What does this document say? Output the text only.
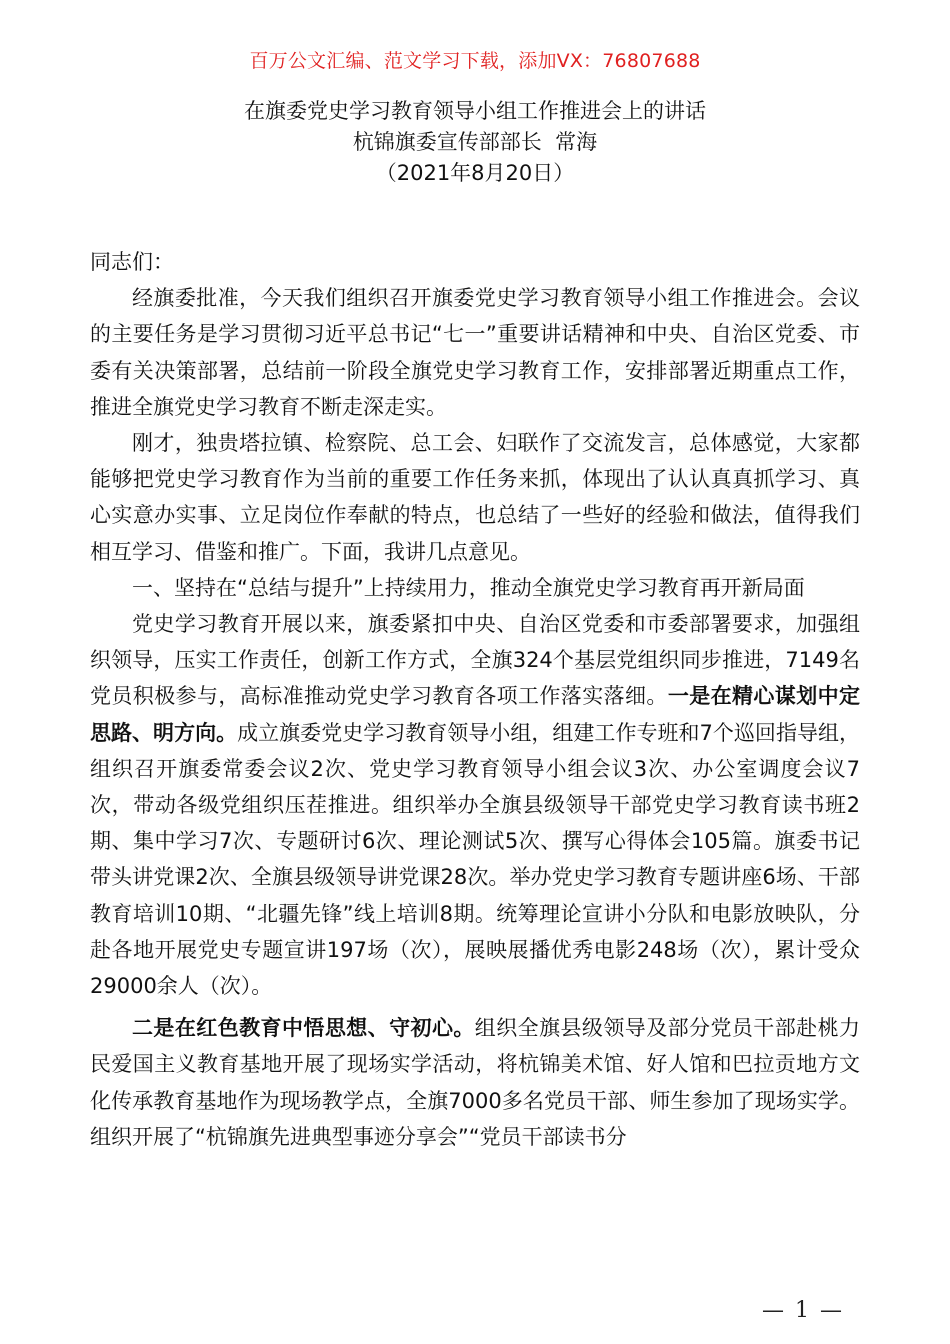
百万公文汇编、范文学习下载，添加VX：76807688
在旗委党史学习教育领导小组工作推进会上的讲话
杭锦旗委宣传部部长  常海
（2021年8月20日）

同志们：

经旗委批准，今天我们组织召开旗委党史学习教育领导小组工作推进会。会议的主要任务是学习贯彻习近平总书记“七一”重要讲话精神和中央、自治区党委、市委有关决策部署，总结前一阶段全旗党史学习教育工作，安排部署近期重点工作，推进全旗党史学习教育不断走深走实。

刚才，独贵塔拉镇、检察院、总工会、妇联作了交流发言，总体感觉，大家都能够把党史学习教育作为当前的重要工作任务来抓，体现出了认认真真抓学习、真心实意办实事、立足岗位作奉献的特点，也总结了一些好的经验和做法，值得我们相互学习、借鉴和推广。下面，我讲几点意见。

一、坚持在“总结与提升”上持续用力，推动全旗党史学习教育再开新局面

党史学习教育开展以来，旗委紧扣中央、自治区党委和市委部署要求，加强组织领导，压实工作责任，创新工作方式，全旗324个基层党组织同步推进，7149名党员积极参与，高标准推动党史学习教育各项工作落实落细。一是在精心谋划中定思路、明方向。成立旗委党史学习教育领导小组，组建工作专班和7个巡回指导组，组织召开旗委常委会议2次、党史学习教育领导小组会议3次、办公室调度会议7次，带动各级党组织压茬推进。组织举办全旗县级领导干部党史学习教育读书班2期、集中学习7次、专题研讨6次、理论测试5次、撰写心得体会105篇。旗委书记带头讲党课2次、全旗县级领导讲党课28次。举办党史学习教育专题讲座6场、干部教育培训10期、“北疆先锋”线上培训8期。统筹理论宣讲小分队和电影放映队，分赴各地开展党史专题宣讲197场（次），展映展播优秀电影248场（次），累计受众29000余人（次）。

二是在红色教育中悟思想、守初心。组织全旗县级领导及部分党员干部赴桃力民爱国主义教育基地开展了现场实学活动，将杭锦美术馆、好人馆和巴拉贡地方文化传承教育基地作为现场教学点，全旗7000多名党员干部、师生参加了现场实学。组织开展了“杭锦旗先进典型事迹分享会”“党员干部读书分

— 1 —
